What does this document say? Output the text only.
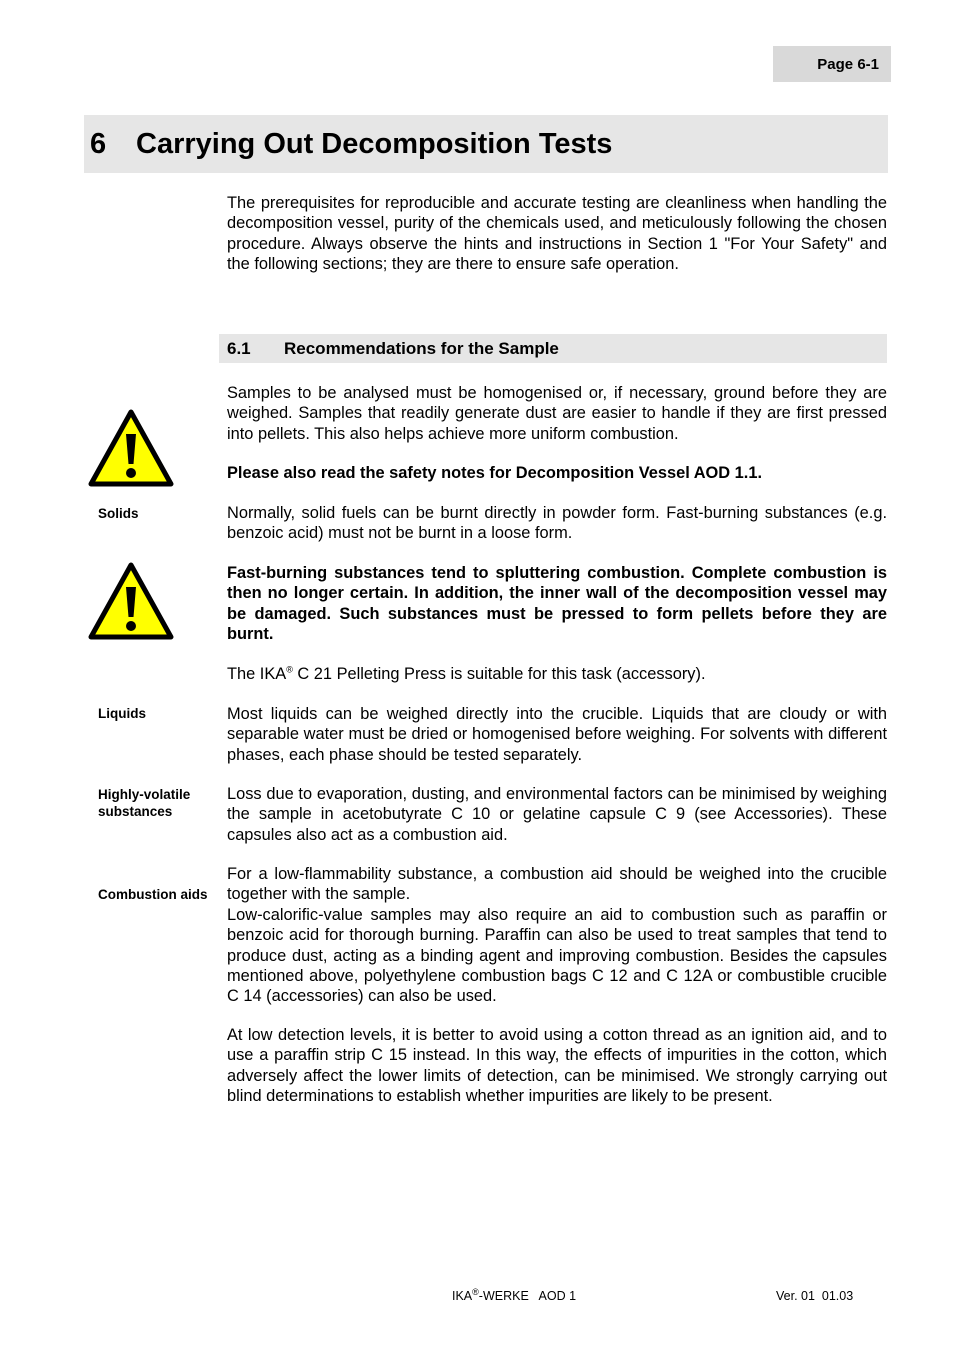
Page 6-1
6	Carrying Out Decomposition Tests

The prerequisites for reproducible and accurate testing are cleanliness when handling the decomposition vessel, purity of the chemicals used, and meticulously following the chosen procedure. Always observe the hints and instructions in Section 1 "For Your Safety" and the following sections; they are there to ensure safe operation.

6.1	Recommendations for the Sample

Samples to be analysed must be homogenised or, if necessary, ground before they are weighed. Samples that readily generate dust are easier to handle if they are first pressed into pellets. This also helps achieve more uniform combustion.

Please also read the safety notes for Decomposition Vessel AOD 1.1.

Solids	Normally, solid fuels can be burnt directly in powder form. Fast-burning substances (e.g. benzoic acid) must not be burnt in a loose form.

Fast-burning substances tend to spluttering combustion. Complete combustion is then no longer certain. In addition, the inner wall of the decomposition vessel may be damaged. Such substances must be pressed to form pellets before they are burnt.

The IKA® C 21 Pelleting Press is suitable for this task (accessory).

Liquids	Most liquids can be weighed directly into the crucible. Liquids that are cloudy or with separable water must be dried or homogenised before weighing. For solvents with different phases, each phase should be tested separately.

Highly-volatile substances

Loss due to evaporation, dusting, and environmental factors can be minimised by weighing the sample in acetobutyrate C 10 or gelatine capsule C 9 (see Accessories). These capsules also act as a combustion aid.

For a low-flammability substance, a combustion aid should be weighed into the crucible together with the sample.

Combustion aids

Low-calorific-value samples may also require an aid to combustion such as paraffin or benzoic acid for thorough burning. Paraffin can also be used to treat samples that tend to produce dust, acting as a binding agent and improving combustion. Besides the capsules mentioned above, polyethylene combustion bags C 12 and C 12A or combustible crucible C 14 (accessories) can also be used.

At low detection levels, it is better to avoid using a cotton thread as an ignition aid, and to use a paraffin strip C 15 instead. In this way, the effects of impurities in the cotton, which adversely affect the lower limits of detection, can be minimised. We strongly carrying out blind determinations to establish whether impurities are likely to be present.

IKA®-WERKE   AOD 1	Ver. 01  01.03
